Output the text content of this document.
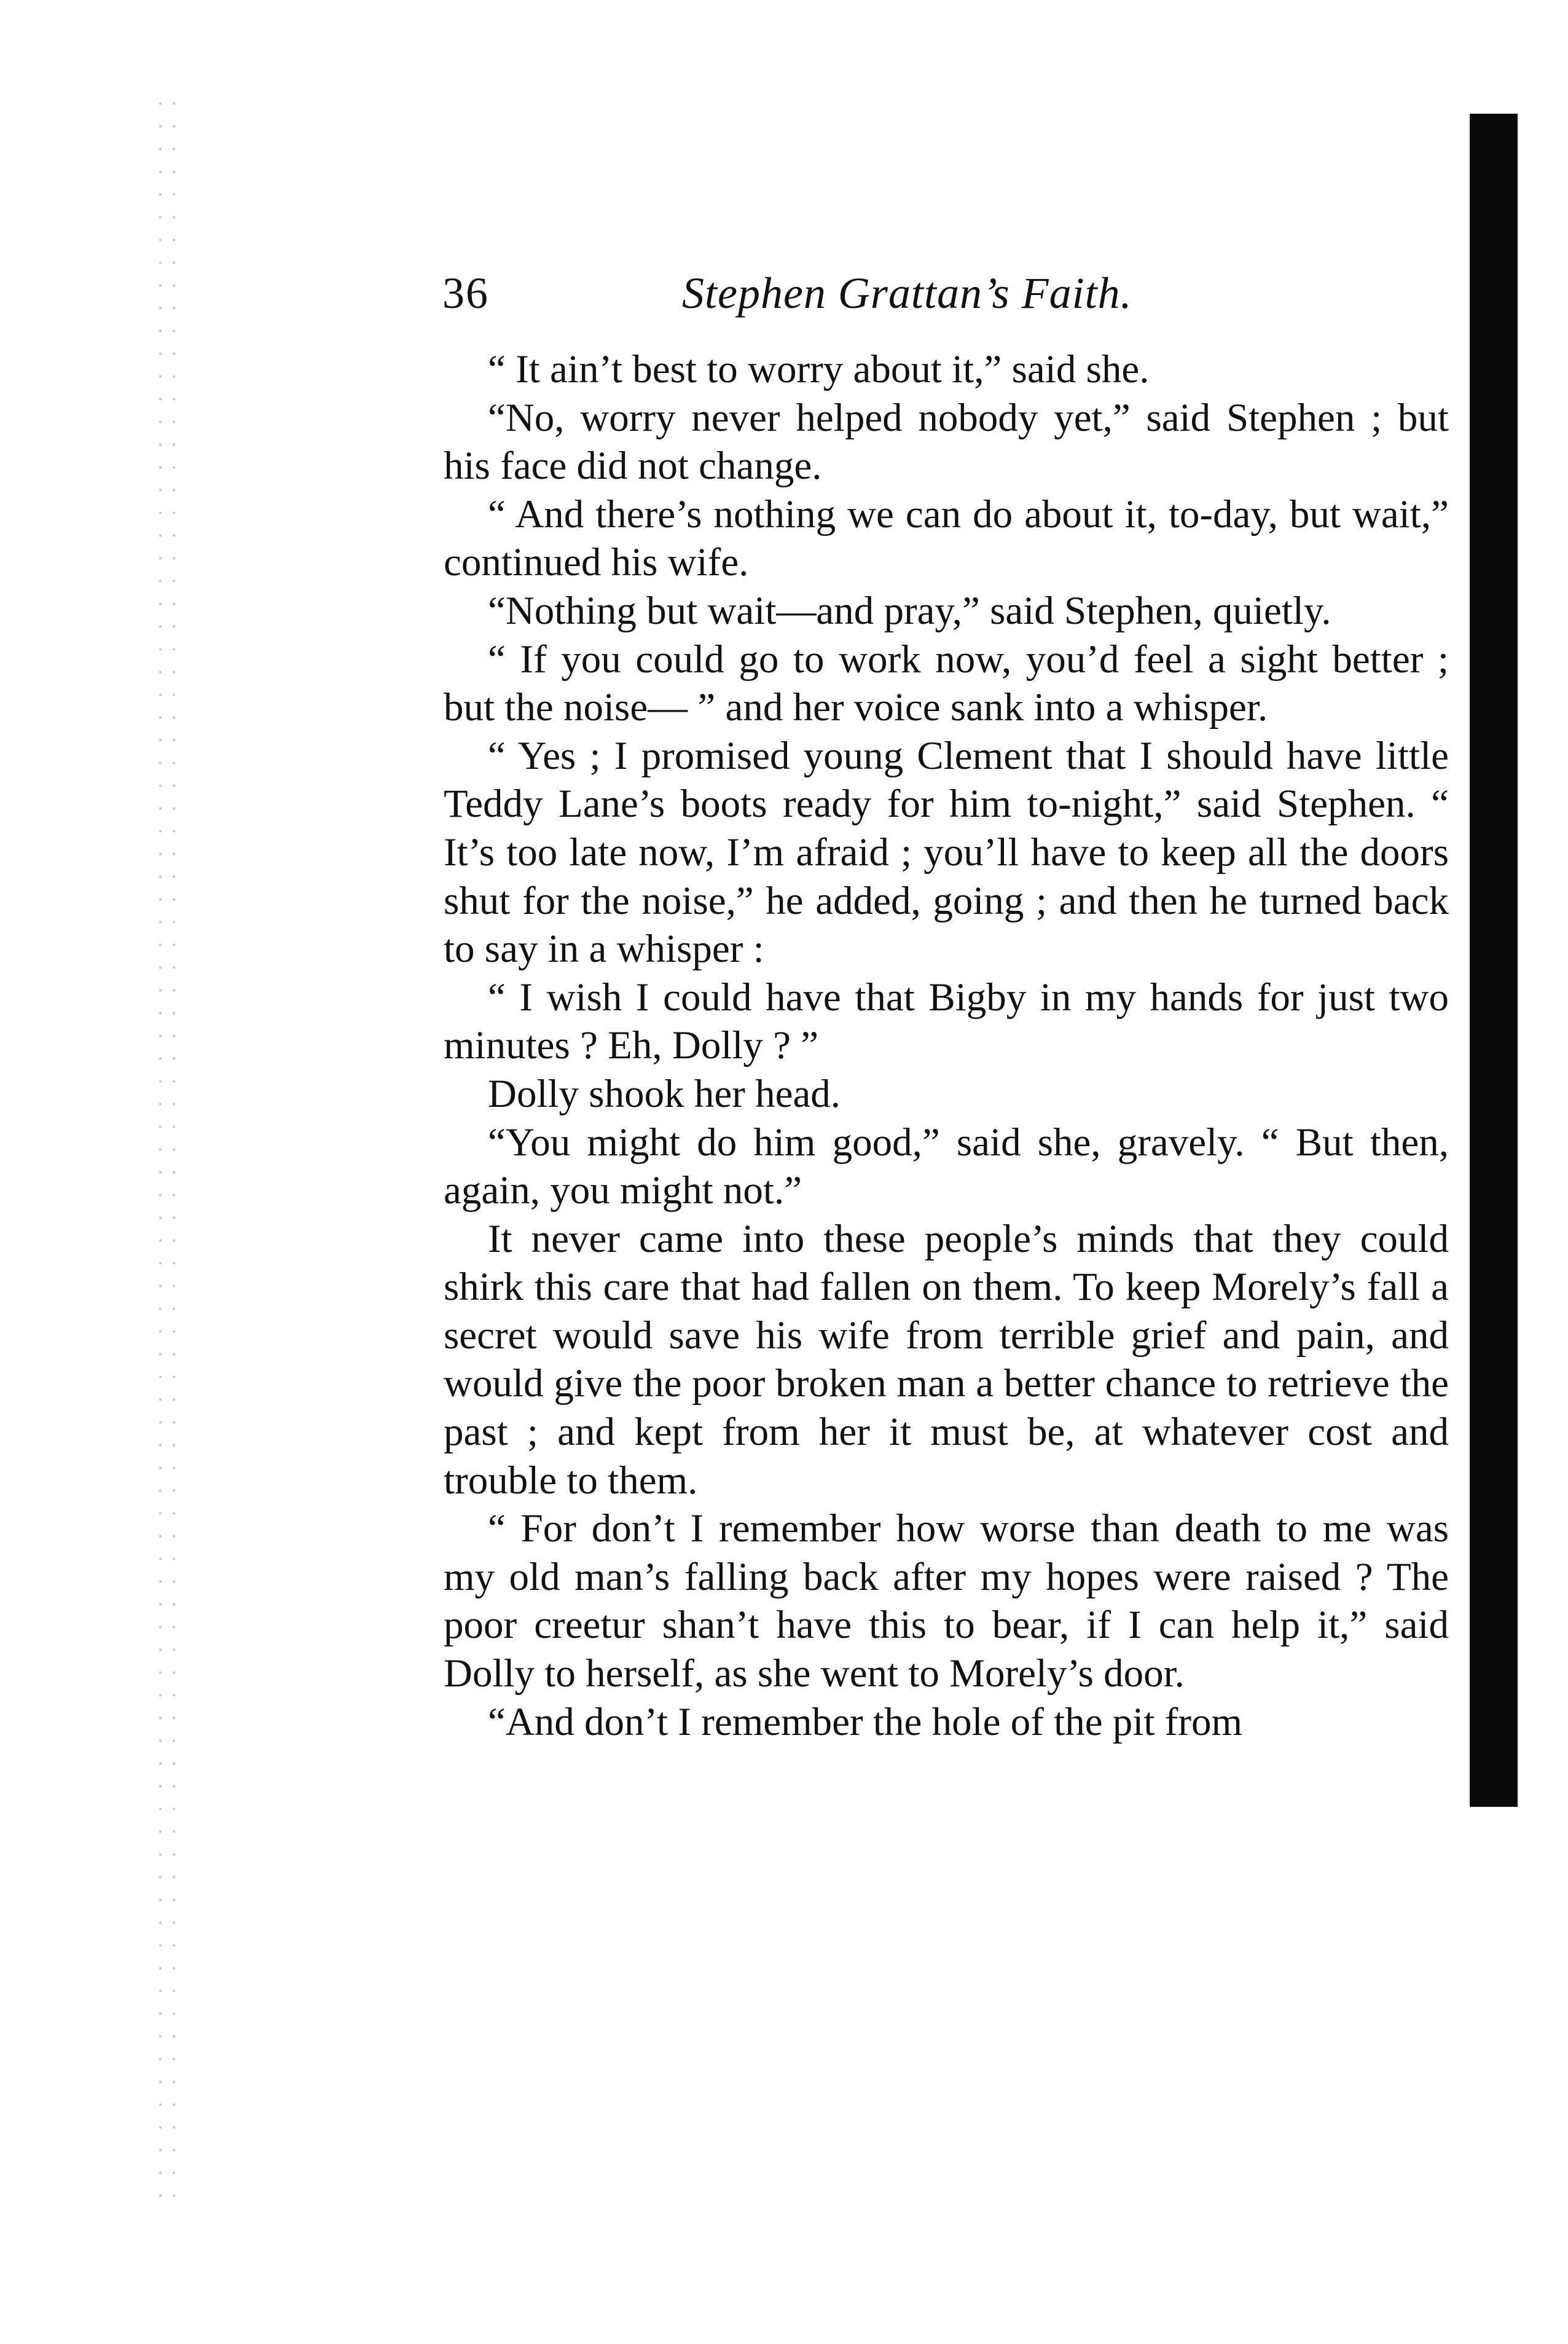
36	Stephen Grattan’s Faith.

“ It ain’t best to worry about it,” said she.

“No, worry never helped nobody yet,” said Stephen ; but his face did not change.

“ And there’s nothing we can do about it, to-day, but wait,” continued his wife.

“Nothing but wait—and pray,” said Stephen, quietly.

“ If you could go to work now, you’d feel a sight better ; but the noise— ” and her voice sank into a whisper.

“ Yes ; I promised young Clement that I should have little Teddy Lane’s boots ready for him to-night,” said Stephen. “ It’s too late now, I’m afraid ; you’ll have to keep all the doors shut for the noise,” he added, going ; and then he turned back to say in a whisper :

“ I wish I could have that Bigby in my hands for just two minutes ? Eh, Dolly ? ”

Dolly shook her head.

“You might do him good,” said she, gravely. “ But then, again, you might not.”

It never came into these people’s minds that they could shirk this care that had fallen on them. To keep Morely’s fall a secret would save his wife from terrible grief and pain, and would give the poor broken man a better chance to retrieve the past ; and kept from her it must be, at whatever cost and trouble to them.

“ For don’t I remember how worse than death to me was my old man’s falling back after my hopes were raised ? The poor creetur shan’t have this to bear, if I can help it,” said Dolly to herself, as she went to Morely’s door.

“And don’t I remember the hole of the pit from
